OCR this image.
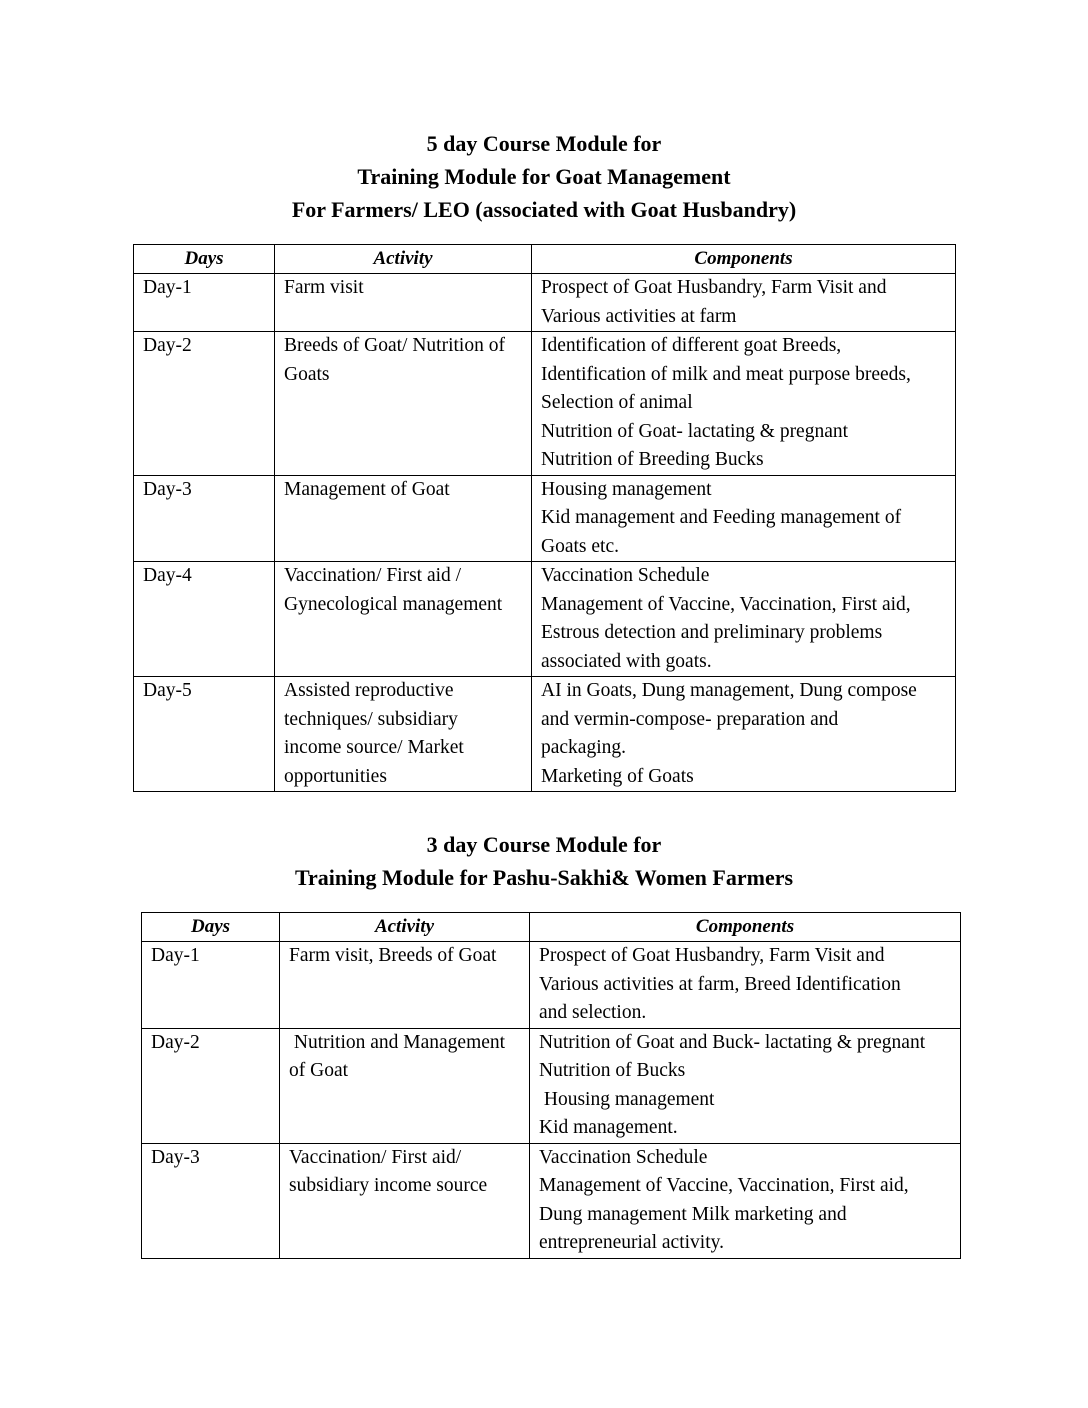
5 day Course Module for
Training Module for Goat Management
For Farmers/ LEO (associated with Goat Husbandry)
Days	Activity	Components

Day-1	Farm visit	Prospect of Goat Husbandry, Farm Visit and
Various activities at farm

Day-2	Breeds of Goat/ Nutrition of
Goats	Identification of different goat Breeds,
Identification of milk and meat purpose breeds,
Selection of animal
Nutrition of Goat- lactating & pregnant
Nutrition of Breeding Bucks

Day-3	Management of Goat	Housing management
Kid management and Feeding management of
Goats etc.

Day-4	Vaccination/ First aid /
Gynecological management	Vaccination Schedule
Management of Vaccine, Vaccination, First aid,
Estrous detection and preliminary problems
associated with goats.

Day-5	Assisted reproductive
techniques/ subsidiary
income source/ Market
opportunities	AI in Goats, Dung management, Dung compose
and vermin-compose- preparation and
packaging.
Marketing of Goats
3 day Course Module for
Training Module for Pashu-Sakhi& Women Farmers
Days	Activity	Components

Day-1	Farm visit, Breeds of Goat	Prospect of Goat Husbandry, Farm Visit and
Various activities at farm, Breed Identification
and selection.

Day-2	Nutrition and Management
of Goat	Nutrition of Goat and Buck- lactating & pregnant
Nutrition of Bucks
Housing management
Kid management.

Day-3	Vaccination/ First aid/
subsidiary income source	Vaccination Schedule
Management of Vaccine, Vaccination, First aid,
Dung management Milk marketing and
entrepreneurial activity.
